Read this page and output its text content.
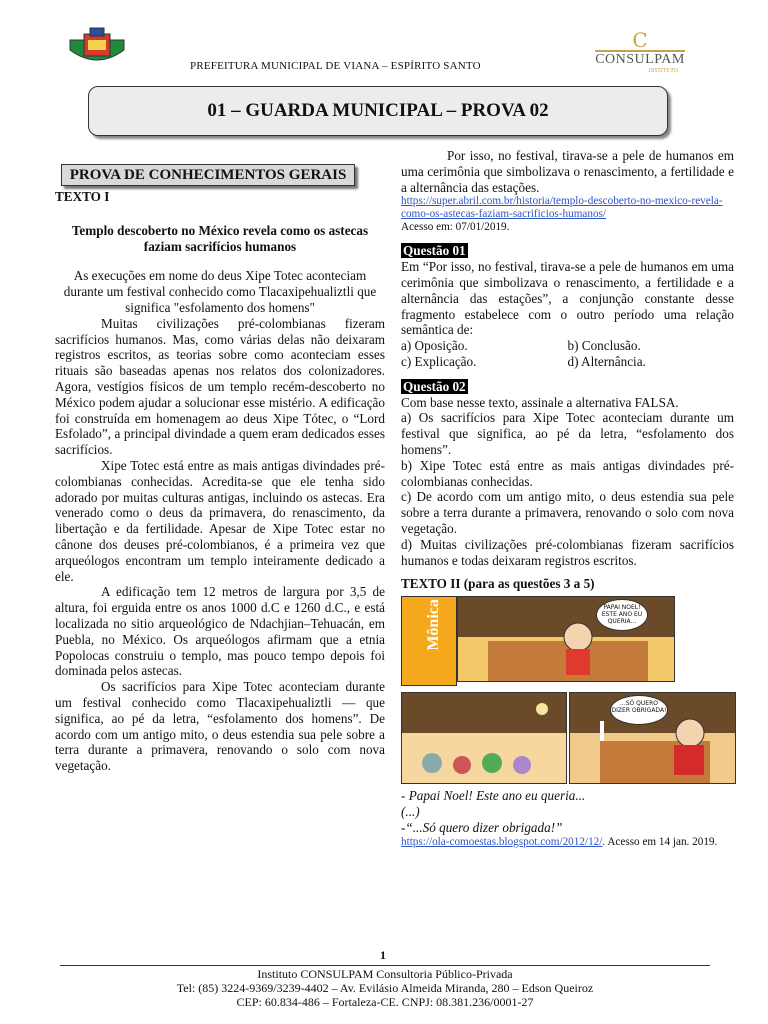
PREFEITURA MUNICIPAL DE VIANA – ESPÍRITO SANTO
C
CONSULPAM
INSTITUTO
01 – GUARDA MUNICIPAL – PROVA 02
PROVA DE CONHECIMENTOS GERAIS

TEXTO I

Templo descoberto no México revela como os astecas faziam sacrifícios humanos

As execuções em nome do deus Xipe Totec aconteciam durante um festival conhecido como Tlacaxipehualiztli que significa "esfolamento dos homens"

Muitas civilizações pré-colombianas fizeram sacrifícios humanos. Mas, como várias delas não deixaram registros escritos, as teorias sobre como aconteciam esses rituais são baseadas apenas nos relatos dos colonizadores. Agora, vestígios físicos de um templo recém-descoberto no México podem ajudar a solucionar esse mistério. A edificação foi construída em homenagem ao deus Xipe Tótec, o “Lord Esfolado”, a principal divindade a quem eram dedicados esses sacrifícios.

Xipe Totec está entre as mais antigas divindades pré-colombianas conhecidas. Acredita-se que ele tenha sido adorado por muitas culturas antigas, incluindo os astecas. Era venerado como o deus da primavera, do renascimento, da libertação e da fertilidade. Apesar de Xipe Totec estar no cânone dos deuses pré-colombianos, é a primeira vez que arqueólogos encontram um templo inteiramente dedicado a ele.

A edificação tem 12 metros de largura por 3,5 de altura, foi erguida entre os anos 1000 d.C e 1260 d.C., e está localizada no sitio arqueológico de Ndachjian–Tehuacán, em Puebla, no México. Os arqueólogos afirmam que a etnia Popolocas construiu o templo, mas pouco tempo depois foi dominada pelos astecas.

Os sacrifícios para Xipe Totec aconteciam durante um festival conhecido como Tlacaxipehualiztli — que significa, ao pé da letra, “esfolamento dos homens”. De acordo com um antigo mito, o deus estendia sua pele sobre a terra durante a primavera, renovando o solo com nova vegetação.

Por isso, no festival, tirava-se a pele de humanos em uma cerimônia que simbolizava o renascimento, a fertilidade e a alternância das estações.

https://super.abril.com.br/historia/templo-descoberto-no-mexico-revela-como-os-astecas-faziam-sacrificios-humanos/

Acesso em: 07/01/2019.

Questão 01

Em “Por isso, no festival, tirava-se a pele de humanos em uma cerimônia que simbolizava o renascimento, a fertilidade e a alternância das estações”, a conjunção constante desse fragmento estabelece com o outro período uma relação semântica de:

a) Oposição.	b) Conclusão.
c) Explicação.	d) Alternância.
Questão 02

Com base nesse texto, assinale a alternativa FALSA.

a) Os sacrifícios para Xipe Totec aconteciam durante um festival que significa, ao pé da letra, “esfolamento dos homens”.

b) Xipe Totec está entre as mais antigas divindades pré-colombianas conhecidas.

c) De acordo com um antigo mito, o deus estendia sua pele sobre a terra durante a primavera, renovando o solo com nova vegetação.

d) Muitas civilizações pré-colombianas fizeram sacrifícios humanos e todas deixaram registros escritos.

TEXTO II (para as questões 3 a 5)

Mônica	PAPAI NOEL! ESTE ANO EU QUERIA...
...SÓ QUERO DIZER OBRIGADA!

- Papai Noel! Este ano eu queria...

(...)

-“...Só quero dizer obrigada!”

https://ola-comoestas.blogspot.com/2012/12/. Acesso em 14 jan. 2019.

1
Instituto CONSULPAM Consultoria Público-Privada
Tel: (85) 3224-9369/3239-4402 – Av. Evilásio Almeida Miranda, 280 – Edson Queiroz
CEP: 60.834-486 – Fortaleza-CE. CNPJ: 08.381.236/0001-27
